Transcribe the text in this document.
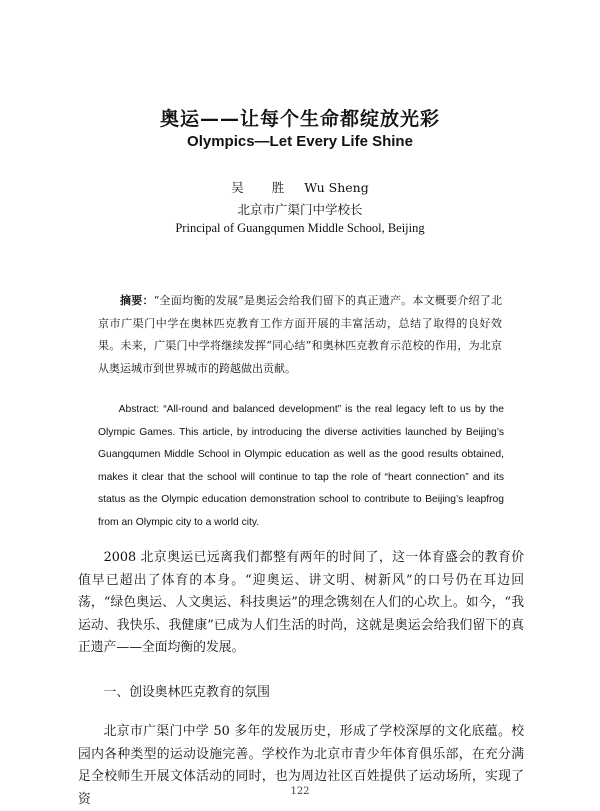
奥运——让每个生命都绽放光彩
Olympics—Let Every Life Shine
吴 胜 Wu Sheng
北京市广渠门中学校长
Principal of Guangqumen Middle School, Beijing

摘要：“全面均衡的发展”是奥运会给我们留下的真正遗产。本文概要介绍了北京市广渠门中学在奥林匹克教育工作方面开展的丰富活动，总结了取得的良好效果。未来，广渠门中学将继续发挥“同心结”和奥林匹克教育示范校的作用，为北京从奥运城市到世界城市的跨越做出贡献。

Abstract: “All-round and balanced development” is the real legacy left to us by the Olympic Games. This article, by introducing the diverse activities launched by Beijing’s Guangqumen Middle School in Olympic education as well as the good results obtained, makes it clear that the school will continue to tap the role of “heart connection” and its status as the Olympic education demonstration school to contribute to Beijing’s leapfrog from an Olympic city to a world city.

2008 北京奥运已远离我们都整有两年的时间了，这一体育盛会的教育价值早已超出了体育的本身。“迎奥运、讲文明、树新风”的口号仍在耳边回荡，“绿色奥运、人文奥运、科技奥运”的理念镌刻在人们的心坎上。如今，“我运动、我快乐、我健康”已成为人们生活的时尚，这就是奥运会给我们留下的真正遗产——全面均衡的发展。

一、创设奥林匹克教育的氛围

北京市广渠门中学 50 多年的发展历史，形成了学校深厚的文化底蕴。校园内各种类型的运动设施完善。学校作为北京市青少年体育俱乐部，在充分满足全校师生开展文体活动的同时，也为周边社区百姓提供了运动场所，实现了资	122
